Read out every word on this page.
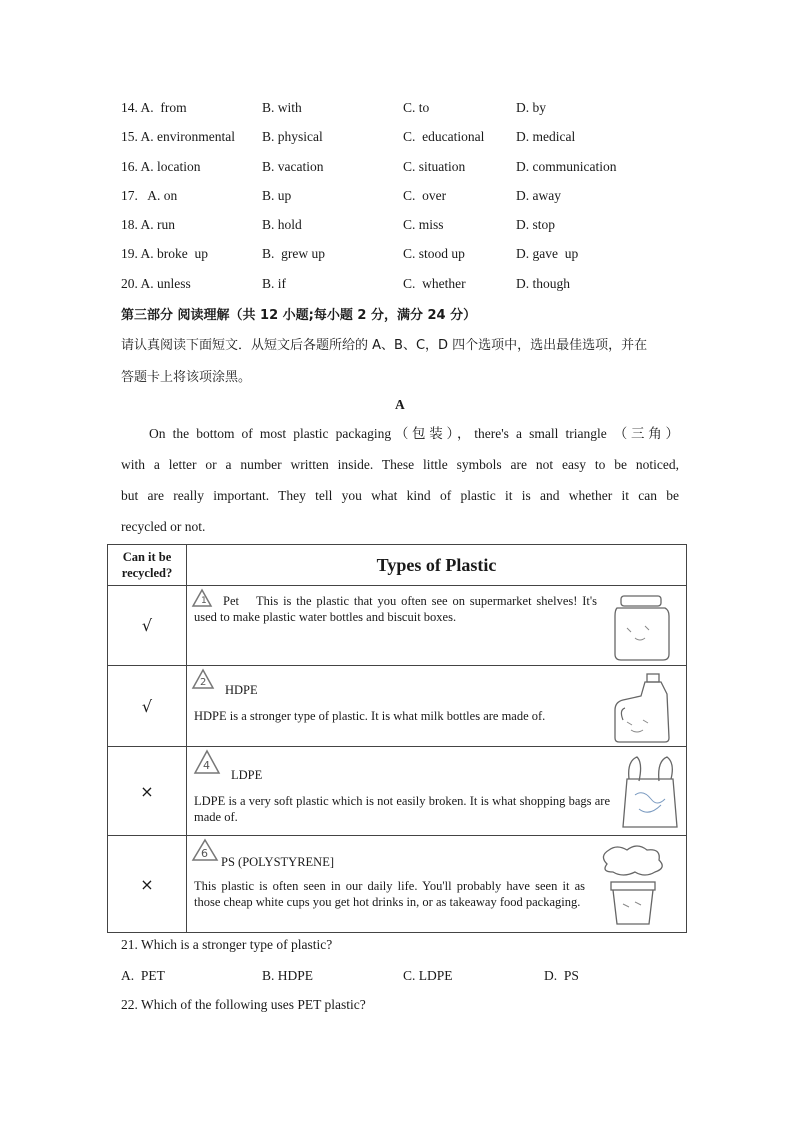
14. A.  from	B. with	C. to	D. by
15. A. environmental B. physical	C.  educational D. medical
16. A. location	B. vacation	C. situation	D. communication
17.   A. on	B. up	C.  over	D. away
18. A. run	B. hold	C. miss	D. stop
19. A. broke  up	B.  grew up	C. stood up	D. gave  up
20. A. unless	B. if	C.  whether	D. though
第三部分 阅读理解（共 12 小题;每小题 2 分，满分 24 分）
请认真阅读下面短文．从短文后各题所给的 A、B、C，D 四个选项中，选出最佳选项，并在
答题卡上将该项涂黑。
A
On the bottom of most plastic packaging（包装），there's a small triangle （三角）
with a letter or a number written inside. These little symbols are not easy to be noticed,
but are really important. They tell you what kind of plastic it is and whether it can be
recycled or not.
Can it be recycled?	Types of Plastic
√	1 Pet This is the plastic that you often see on supermarket shelves! It's used to make plastic water bottles and biscuit boxes.

√	2
HDPE
HDPE is a stronger type of plastic. It is what milk bottles are made of.

×	4
LDPE
LDPE is a very soft plastic which is not easily broken. It is what shopping bags are made of.

×	6
PS (POLYSTYRENE]
This plastic is often seen in our daily life. You'll probably have seen it as those cheap white cups you get hot drinks in, or as takeaway food packaging.
21. Which is a stronger type of plastic?
A.  PET	B. HDPE	C. LDPE	D.  PS
22. Which of the following uses PET plastic?
